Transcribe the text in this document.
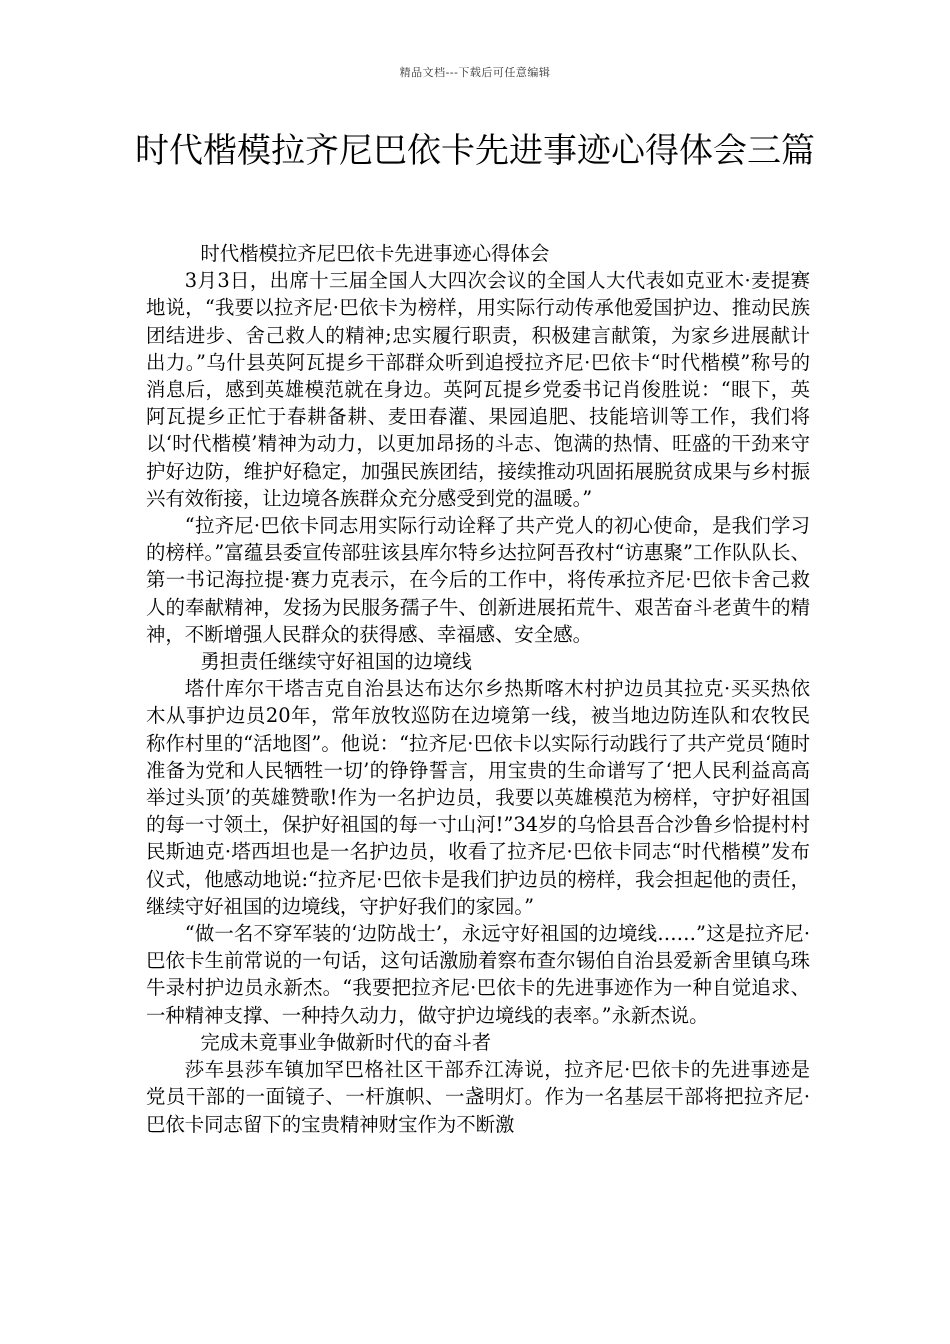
精品文档---下载后可任意编辑
时代楷模拉齐尼巴依卡先进事迹心得体会三篇

时代楷模拉齐尼巴依卡先进事迹心得体会

3月3日，出席十三届全国人大四次会议的全国人大代表如克亚木·麦提赛地说，“我要以拉齐尼·巴依卡为榜样，用实际行动传承他爱国护边、推动民族团结进步、舍己救人的精神;忠实履行职责，积极建言献策，为家乡进展献计出力。”乌什县英阿瓦提乡干部群众听到追授拉齐尼·巴依卡“时代楷模”称号的消息后，感到英雄模范就在身边。英阿瓦提乡党委书记肖俊胜说：“眼下，英阿瓦提乡正忙于春耕备耕、麦田春灌、果园追肥、技能培训等工作，我们将以‘时代楷模’精神为动力，以更加昂扬的斗志、饱满的热情、旺盛的干劲来守护好边防，维护好稳定，加强民族团结，接续推动巩固拓展脱贫成果与乡村振兴有效衔接，让边境各族群众充分感受到党的温暖。”

“拉齐尼·巴依卡同志用实际行动诠释了共产党人的初心使命，是我们学习的榜样。”富蕴县委宣传部驻该县库尔特乡达拉阿吾孜村“访惠聚”工作队队长、第一书记海拉提·赛力克表示，在今后的工作中，将传承拉齐尼·巴依卡舍己救人的奉献精神，发扬为民服务孺子牛、创新进展拓荒牛、艰苦奋斗老黄牛的精神，不断增强人民群众的获得感、幸福感、安全感。

勇担责任继续守好祖国的边境线

塔什库尔干塔吉克自治县达布达尔乡热斯喀木村护边员其拉克·买买热依木从事护边员20年，常年放牧巡防在边境第一线，被当地边防连队和农牧民称作村里的“活地图”。他说：“拉齐尼·巴依卡以实际行动践行了共产党员‘随时准备为党和人民牺牲一切’的铮铮誓言，用宝贵的生命谱写了‘把人民利益高高举过头顶’的英雄赞歌!作为一名护边员，我要以英雄模范为榜样，守护好祖国的每一寸领土，保护好祖国的每一寸山河!”34岁的乌恰县吾合沙鲁乡恰提村村民斯迪克·塔西坦也是一名护边员，收看了拉齐尼·巴依卡同志“时代楷模”发布仪式，他感动地说:“拉齐尼·巴依卡是我们护边员的榜样，我会担起他的责任，继续守好祖国的边境线，守护好我们的家园。”

“做一名不穿军装的‘边防战士’，永远守好祖国的边境线……”这是拉齐尼·巴依卡生前常说的一句话，这句话激励着察布查尔锡伯自治县爱新舍里镇乌珠牛录村护边员永新杰。“我要把拉齐尼·巴依卡的先进事迹作为一种自觉追求、一种精神支撑、一种持久动力，做守护边境线的表率。”永新杰说。

完成未竟事业争做新时代的奋斗者

莎车县莎车镇加罕巴格社区干部乔江涛说，拉齐尼·巴依卡的先进事迹是党员干部的一面镜子、一杆旗帜、一盏明灯。作为一名基层干部将把拉齐尼·巴依卡同志留下的宝贵精神财宝作为不断激
